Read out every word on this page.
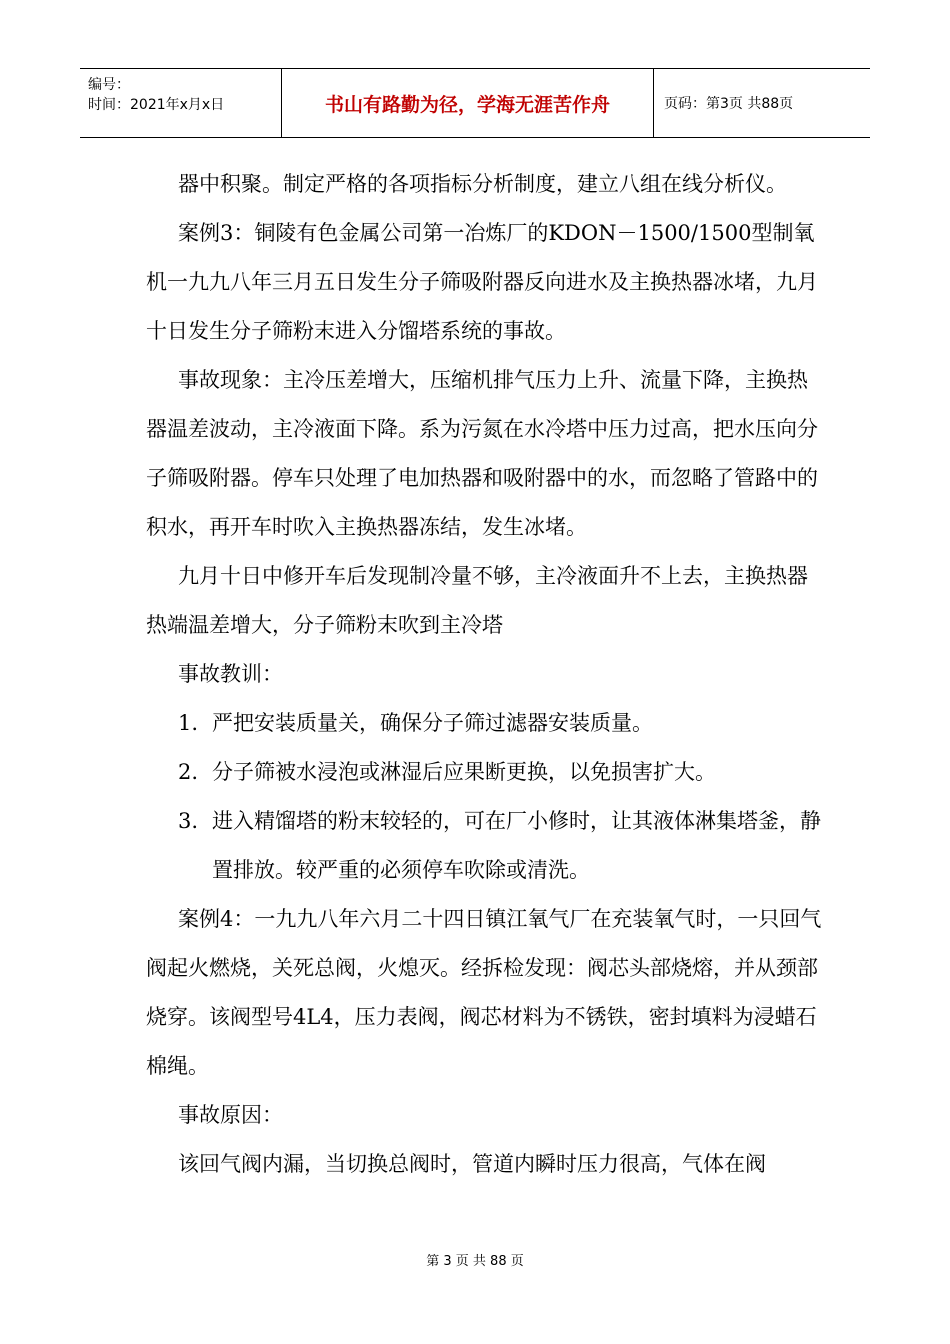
编号：
时间：2021年x月x日	书山有路勤为径，学海无涯苦作舟	页码：第3页 共88页

器中积聚。制定严格的各项指标分析制度，建立八组在线分析仪。

案例3：铜陵有色金属公司第一冶炼厂的KDON－1500/1500型制氧机一九九八年三月五日发生分子筛吸附器反向进水及主换热器冰堵，九月十日发生分子筛粉末进入分馏塔系统的事故。

事故现象：主冷压差增大，压缩机排气压力上升、流量下降，主换热器温差波动，主冷液面下降。系为污氮在水冷塔中压力过高，把水压向分子筛吸附器。停车只处理了电加热器和吸附器中的水，而忽略了管路中的积水，再开车时吹入主换热器冻结，发生冰堵。

九月十日中修开车后发现制冷量不够，主冷液面升不上去，主换热器热端温差增大，分子筛粉末吹到主冷塔

事故教训：

1. 严把安装质量关，确保分子筛过滤器安装质量。
2. 分子筛被水浸泡或淋湿后应果断更换，以免损害扩大。
3. 进入精馏塔的粉末较轻的，可在厂小修时，让其液体淋集塔釜，静置排放。较严重的必须停车吹除或清洗。

案例4：一九九八年六月二十四日镇江氧气厂在充装氧气时，一只回气阀起火燃烧，关死总阀，火熄灭。经拆检发现：阀芯头部烧熔，并从颈部烧穿。该阀型号4L4，压力表阀，阀芯材料为不锈铁，密封填料为浸蜡石棉绳。

事故原因：

该回气阀内漏，当切换总阀时，管道内瞬时压力很高，气体在阀

第 3 页 共 88 页
